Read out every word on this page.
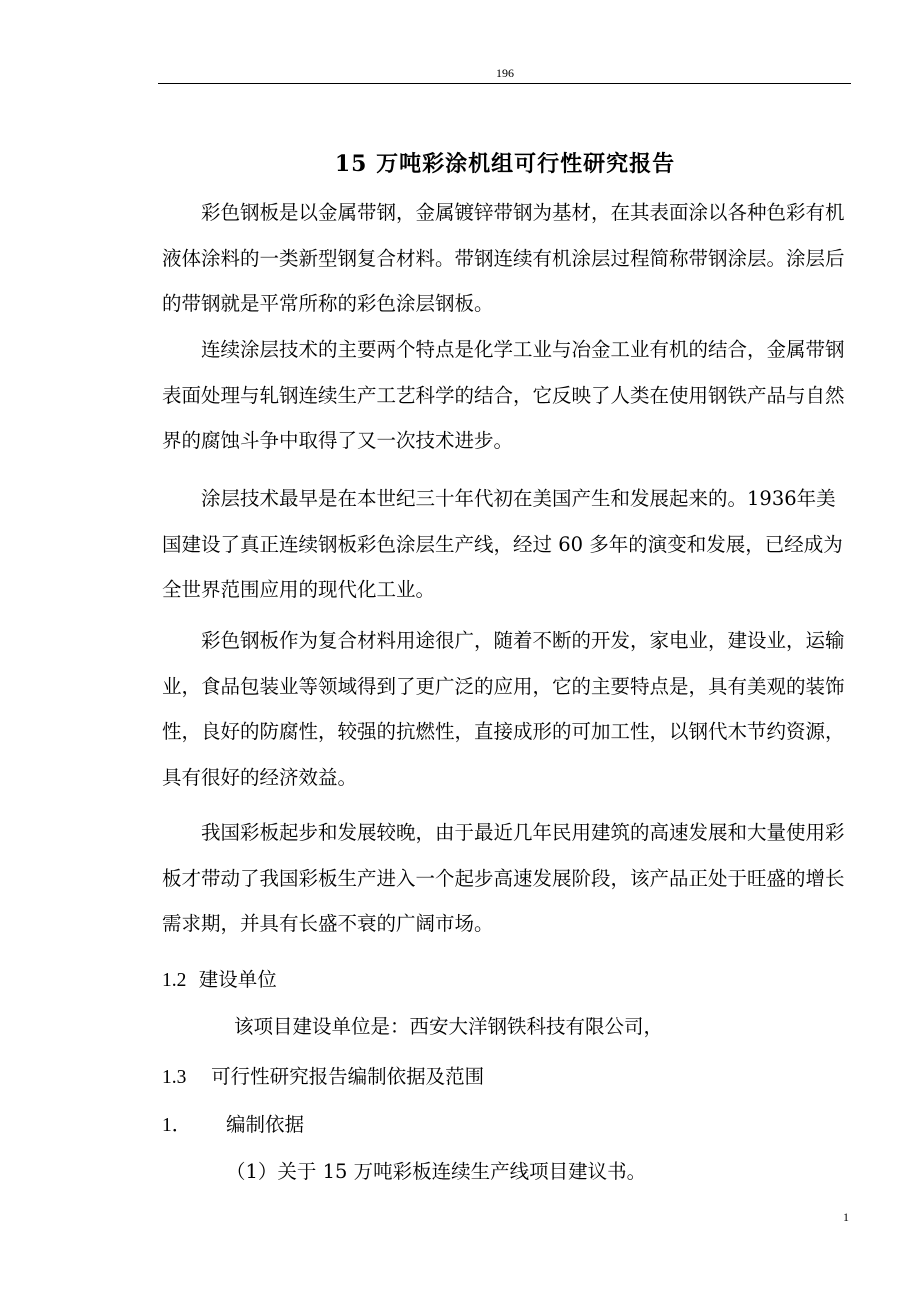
196
15 万吨彩涂机组可行性研究报告

彩色钢板是以金属带钢，金属镀锌带钢为基材，在其表面涂以各种色彩有机液体涂料的一类新型钢复合材料。带钢连续有机涂层过程简称带钢涂层。涂层后的带钢就是平常所称的彩色涂层钢板。

连续涂层技术的主要两个特点是化学工业与冶金工业有机的结合，金属带钢表面处理与轧钢连续生产工艺科学的结合，它反映了人类在使用钢铁产品与自然界的腐蚀斗争中取得了又一次技术进步。

涂层技术最早是在本世纪三十年代初在美国产生和发展起来的。1936年美国建设了真正连续钢板彩色涂层生产线，经过 60 多年的演变和发展，已经成为全世界范围应用的现代化工业。

彩色钢板作为复合材料用途很广，随着不断的开发，家电业，建设业，运输业，食品包装业等领域得到了更广泛的应用，它的主要特点是，具有美观的装饰性，良好的防腐性，较强的抗燃性，直接成形的可加工性，以钢代木节约资源，具有很好的经济效益。

我国彩板起步和发展较晚，由于最近几年民用建筑的高速发展和大量使用彩板才带动了我国彩板生产进入一个起步高速发展阶段，该产品正处于旺盛的增长需求期，并具有长盛不衰的广阔市场。

1.2 建设单位
该项目建设单位是：西安大洋钢铁科技有限公司，
1.3 可行性研究报告编制依据及范围
1． 编制依据
（1）关于 15 万吨彩板连续生产线项目建议书。
1
